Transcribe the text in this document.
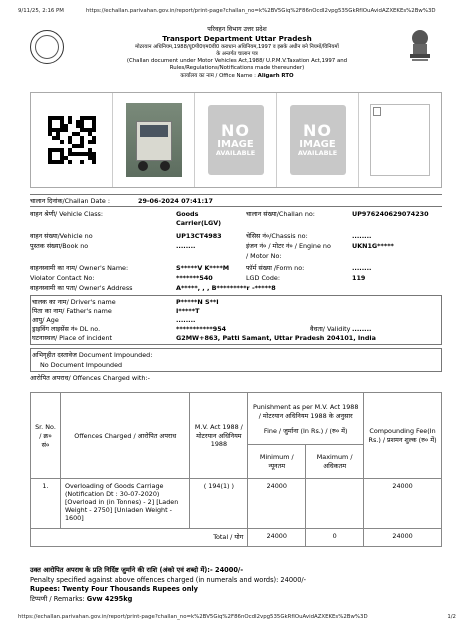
9/11/25, 2:16 PM	https://echallan.parivahan.gov.in/report/print-page?challan_no=k%2BV5Giq%2F86nOcdI2vpg535GkRfIOuAvidAZXEKEs%2Bw%3D
परिवहन विभाग उत्तर प्रदेश
Transport Department Uttar Pradesh
मोटरयान अधिनियम,1988/यू0पी0एम0वी0 कराधान अधिनियम,1997 व इसके अधीन बने नियमों/विनियमों
के अन्तर्गत चालान पत्र
(Challan document under Motor Vehicles Act,1988/ U.P.M.V.Taxation Act,1997 and
Rules/Regulations/Notifications made thereunder)
कार्यालय का नाम / Office Name : Aligarh RTO
NO
IMAGE
AVAILABLE
NO
IMAGE
AVAILABLE
चालान दिनांक/Challan Date :	29-06-2024 07:41:17
वाहन श्रेणी/ Vehicle Class:	Goods
Carrier(LGV)
चालान संख्या/Challan no:	UP976240629074230
वाहन संख्या/Vehicle no	UP13CT4983	चेसिस नं०/Chassis no:	........
पुस्तक संख्या/Book no	........	इंजन नं० / मोटर नं० / Engine no
/ Motor No:
UKN1G*****
वाहनस्वामी का नाम/ Owner's Name:	S*****V K****M	फॉर्म संख्या /Form no:	........
Violator Contact No:	*******540	LGD Code:	119
वाहनस्वामी का पता/ Owner's Address	A*****, , , B*********r -*****8
चालक का नाम/ Driver's name	P*****N S**I
पिता का नाम/ Father's name	I*****T
आयु/ Age	........
ड्राइविंग लाइसेंस नं० DL no.	***********954	वैधता/ Validity ........
घटनास्थल/ Place of incident	G2MW+863, Patti Samant, Uttar Pradesh 204101, India
अभिगृहीत दस्तावेज Document Impounded:
No Document Impounded
आरोपित अपराध/ Offences Charged with:-
Sr. No. / क्र० सं०	Offences Charged / आरोपित अपराध	M.V. Act 1988 / मोटरयान अधिनियम 1988	Punishment as per M.V. Act 1988 / मोटरयान अधिनियम 1988 के अनुसार
Fine / जुर्माना (In Rs.) / (रु० में)		Compounding Fee(In Rs.) / प्रशमन शुल्क (रु० में)
			Minimum / न्यूनतम	Maximum / अधिकतम	
1.	Overloading of Goods Carriage (Notification Dt : 30-07-2020) [Overload in (in Tonnes) - 2] [Laden Weight - 2750] [Unladen Weight - 1600]	( 194(1) )	24000		24000
Total / योग			24000	0	24000
उक्त आरोपित अपराध के प्रति निर्दिष्ट जुर्माने की राशि (अंको एवं शब्दो में):- 24000/-
Penalty specified against above offences charged (in numerals and words): 24000/-
Rupees: Twenty Four Thousands Rupees only
टिप्पणी / Remarks: Gvw 4295kg
https://echallan.parivahan.gov.in/report/print-page?challan_no=k%2BV5Giq%2F86nOcdI2vpg535GkRfIOuAvidAZXEKEs%2Bw%3D	1/2
